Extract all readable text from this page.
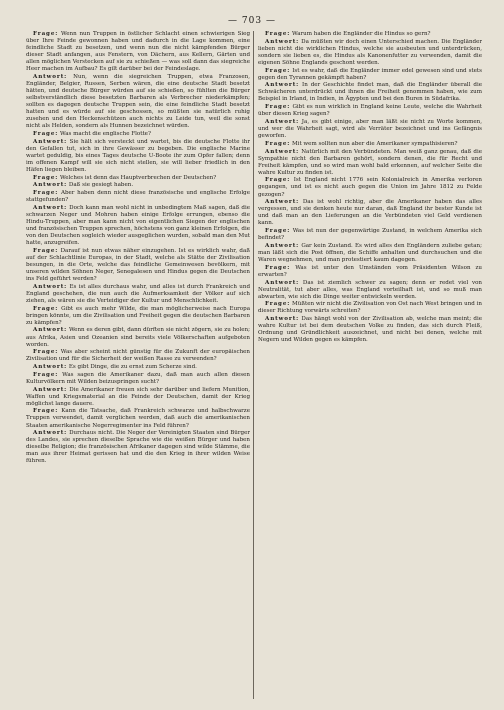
— 703 —

Frage: Wenn nun Truppen in östlicher Schlacht einen schwierigen Sieg über Ihre Feinde gewonnen haben und dadurch in die Lage kommen, eine feindliche Stadt zu besetzen, und wenn nun die nicht kämpfenden Bürger dieser Stadt anfangen, aus Fenstern, von Dächern, aus Kellern, Gärten und allen möglichen Verstecken auf sie zu schießen — was soll dann das siegreiche Heer machen im Aufbau? Es gilt darüber bei der Feindeslage.

Antwort: Nun, wenn die siegreichen Truppen, etwa Franzosen, Engländer, Belgier, Russen, Serben wären, die eine deutsche Stadt besetzt hätten, und deutsche Bürger würden auf sie schießen, so fühlten die Bürger selbstverständlich diese besetzten Barbaren als Verbrecher niederkämpfen; sollten es dagegen deutsche Truppen sein, die eine feindliche Stadt besetzt hatten und es würde auf sie geschossen, so müßten sie natürlich ruhig zusehen und den Heckenschützen auch nichts zu Leide tun, weil die sonst nicht als Helden, sondern als Hunnen bezeichnet würden.

Frage: Was macht die englische Flotte?

Antwort: Sie hält sich versteckt und wartet, bis die deutsche Flotte ihr den Gefallen tut, sich in ihre Gewässer zu begeben. Die englische Marine wartet geduldig, bis eines Tages deutsche U-Boote ihr zum Opfer fallen; denn im offenen Kampf will sie sich nicht stellen, sie will lieber friedlich in den Häfen liegen bleiben.

Frage: Welches ist denn das Hauptverbrechen der Deutschen?

Antwort: Daß sie gesiegt haben.

Frage: Aber haben denn nicht diese französische und englische Erfolge stattgefunden?

Antwort: Doch kann man wohl nicht in unbedingtem Maß sagen, daß die schwarzen Neger und Mohren haben einige Erfolge errungen, ebenso die Hindu-Truppen, aber man kann nicht von eigentlichen Siegen der englischen und französischen Truppen sprechen, höchstens von ganz kleinen Erfolgen, die von den Deutschen sogleich wieder ausgeglichen wurden, sobald man den Mut hatte, anzugreifen.

Frage: Darauf ist nun etwas näher einzugehen. Ist es wirklich wahr, daß auf der Schlachtlinie Europas, in der Stadt, welche als Stätte der Zivilisation besungen, in die Orte, welche das feindliche Gemeinwesen bevölkern, mit unseren wilden Söhnen Neger, Senegalesen und Hindus gegen die Deutschen ins Feld geführt werden?

Antwort: Es ist alles durchaus wahr, und alles ist durch Frankreich und England geschehen, die nun auch die Aufmerksamkeit der Völker auf sich ziehen, als wären sie die Verteidiger der Kultur und Menschlichkeit.

Frage: Gibt es auch mehr Wilde, die man möglicherweise nach Europa bringen könnte, um die Zivilisation und Freiheit gegen die deutschen Barbaren zu kämpfen?

Antwort: Wenn es deren gibt, dann dürften sie nicht zögern, sie zu holen; aus Afrika, Asien und Ozeanien sind bereits viele Völkerschaften aufgeboten worden.

Frage: Was aber scheint nicht günstig für die Zukunft der europäischen Zivilisation und für die Sicherheit der weißen Rasse zu verwenden?

Antwort: Es gibt Dinge, die zu ernst zum Scherze sind.

Frage: Was sagen die Amerikaner dazu, daß man auch allen diesen Kulturvölkern mit Wilden beizuspringen sucht?

Antwort: Die Amerikaner freuen sich sehr darüber und liefern Munition, Waffen und Kriegsmaterial an die Feinde der Deutschen, damit der Krieg möglichst lange dauere.

Frage: Kann die Tatsache, daß Frankreich schwarze und halbschwarze Truppen verwendet, damit verglichen werden, daß auch die amerikanischen Staaten amerikanische Negerregimenter ins Feld führen?

Antwort: Durchaus nicht. Die Neger der Vereinigten Staaten sind Bürger des Landes, sie sprechen dieselbe Sprache wie die weißen Bürger und haben dieselbe Religion; die französischen Afrikaner dagegen sind wilde Stämme, die man aus ihrer Heimat gerissen hat und die den Krieg in ihrer wilden Weise führen.

Frage: Warum haben die Engländer die Hindus so gern?

Antwort: Da müßten wir doch einen Unterschied machen. Die Engländer lieben nicht die wirklichen Hindus, welche sie ausbeuten und unterdrücken, sondern sie lieben es, die Hindus als Kanonenfutter zu verwenden, damit die eigenen Söhne Englands geschont werden.

Frage: Ist es wahr, daß die Engländer immer edel gewesen sind und stets gegen den Tyrannen gekämpft haben?

Antwort: In der Geschichte findet man, daß die Engländer überall die Schwächeren unterdrückt und ihnen die Freiheit genommen haben, wie zum Beispiel in Irland, in Indien, in Ägypten und bei den Buren in Südafrika.

Frage: Gibt es nun wirklich in England keine Leute, welche die Wahrheit über diesen Krieg sagen?

Antwort: Ja, es gibt einige, aber man läßt sie nicht zu Worte kommen, und wer die Wahrheit sagt, wird als Verräter bezeichnet und ins Gefängnis geworfen.

Frage: Mit wem sollten nun aber die Amerikaner sympathisieren?

Antwort: Natürlich mit den Verbündeten. Man weiß ganz genau, daß die Sympathie nicht den Barbaren gehört, sondern denen, die für Recht und Freiheit kämpfen, und so wird man wohl bald erkennen, auf welcher Seite die wahre Kultur zu finden ist.

Frage: Ist England nicht 1776 sein Kolonialreich in Amerika verloren gegangen, und ist es nicht auch gegen die Union im Jahre 1812 zu Felde gezogen?

Antwort: Das ist wohl richtig, aber die Amerikaner haben das alles vergessen, und sie denken heute nur daran, daß England ihr bester Kunde ist und daß man an den Lieferungen an die Verbündeten viel Geld verdienen kann.

Frage: Was ist nun der gegenwärtige Zustand, in welchem Amerika sich befindet?

Antwort: Gar kein Zustand. Es wird alles den Engländern zuliebe getan; man läßt sich die Post öffnen, die Schiffe anhalten und durchsuchen und die Waren wegnehmen, und man protestiert kaum dagegen.

Frage: Was ist unter den Umständen vom Präsidenten Wilson zu erwarten?

Antwort: Das ist ziemlich schwer zu sagen; denn er redet viel von Neutralität, tut aber alles, was England vorteilhaft ist, und so muß man abwarten, wie sich die Dinge weiter entwickeln werden.

Frage: Müßten wir nicht die Zivilisation von Ost nach West bringen und in dieser Richtung vorwärts schreiten?

Antwort: Das hängt wohl von der Zivilisation ab, welche man meint; die wahre Kultur ist bei dem deutschen Volke zu finden, das sich durch Fleiß, Ordnung und Gründlichkeit auszeichnet, und nicht bei denen, welche mit Negern und Wilden gegen es kämpfen.
